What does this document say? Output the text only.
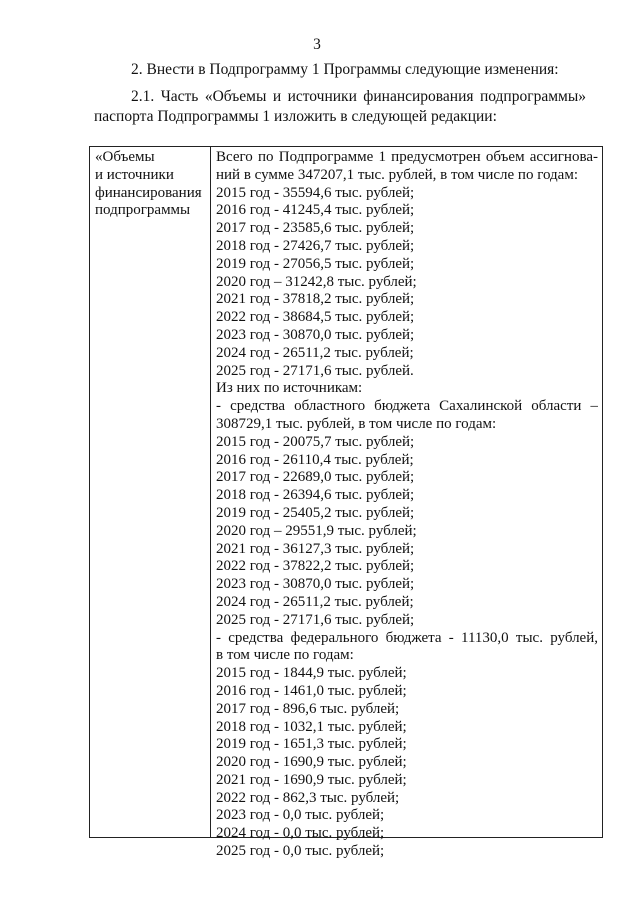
3
2. Внести в Подпрограмму 1 Программы следующие изменения:
2.1. Часть «Объемы и источники финансирования подпрограммы»
паспорта Подпрограммы 1 изложить в следующей редакции:
«Объемы
и источники
финансирования
подпрограммы
Всего по Подпрограмме 1 предусмотрен объем ассигнова-
ний в сумме 347207,1 тыс. рублей, в том числе по годам:
2015 год - 35594,6 тыс. рублей;
2016 год - 41245,4 тыс. рублей;
2017 год - 23585,6 тыс. рублей;
2018 год - 27426,7 тыс. рублей;
2019 год - 27056,5 тыс. рублей;
2020 год – 31242,8 тыс. рублей;
2021 год - 37818,2 тыс. рублей;
2022 год - 38684,5 тыс. рублей;
2023 год - 30870,0 тыс. рублей;
2024 год - 26511,2 тыс. рублей;
2025 год - 27171,6 тыс. рублей.
Из них по источникам:
- средства областного бюджета Сахалинской области –
308729,1 тыс. рублей, в том числе по годам:
2015 год - 20075,7 тыс. рублей;
2016 год - 26110,4 тыс. рублей;
2017 год - 22689,0 тыс. рублей;
2018 год - 26394,6 тыс. рублей;
2019 год - 25405,2 тыс. рублей;
2020 год – 29551,9 тыс. рублей;
2021 год - 36127,3 тыс. рублей;
2022 год - 37822,2 тыс. рублей;
2023 год - 30870,0 тыс. рублей;
2024 год - 26511,2 тыс. рублей;
2025 год - 27171,6 тыс. рублей;
- средства федерального бюджета - 11130,0 тыс. рублей,
в том числе по годам:
2015 год - 1844,9 тыс. рублей;
2016 год - 1461,0 тыс. рублей;
2017 год - 896,6 тыс. рублей;
2018 год - 1032,1 тыс. рублей;
2019 год - 1651,3 тыс. рублей;
2020 год - 1690,9 тыс. рублей;
2021 год - 1690,9 тыс. рублей;
2022 год - 862,3 тыс. рублей;
2023 год - 0,0 тыс. рублей;
2024 год - 0,0 тыс. рублей;
2025 год - 0,0 тыс. рублей;
